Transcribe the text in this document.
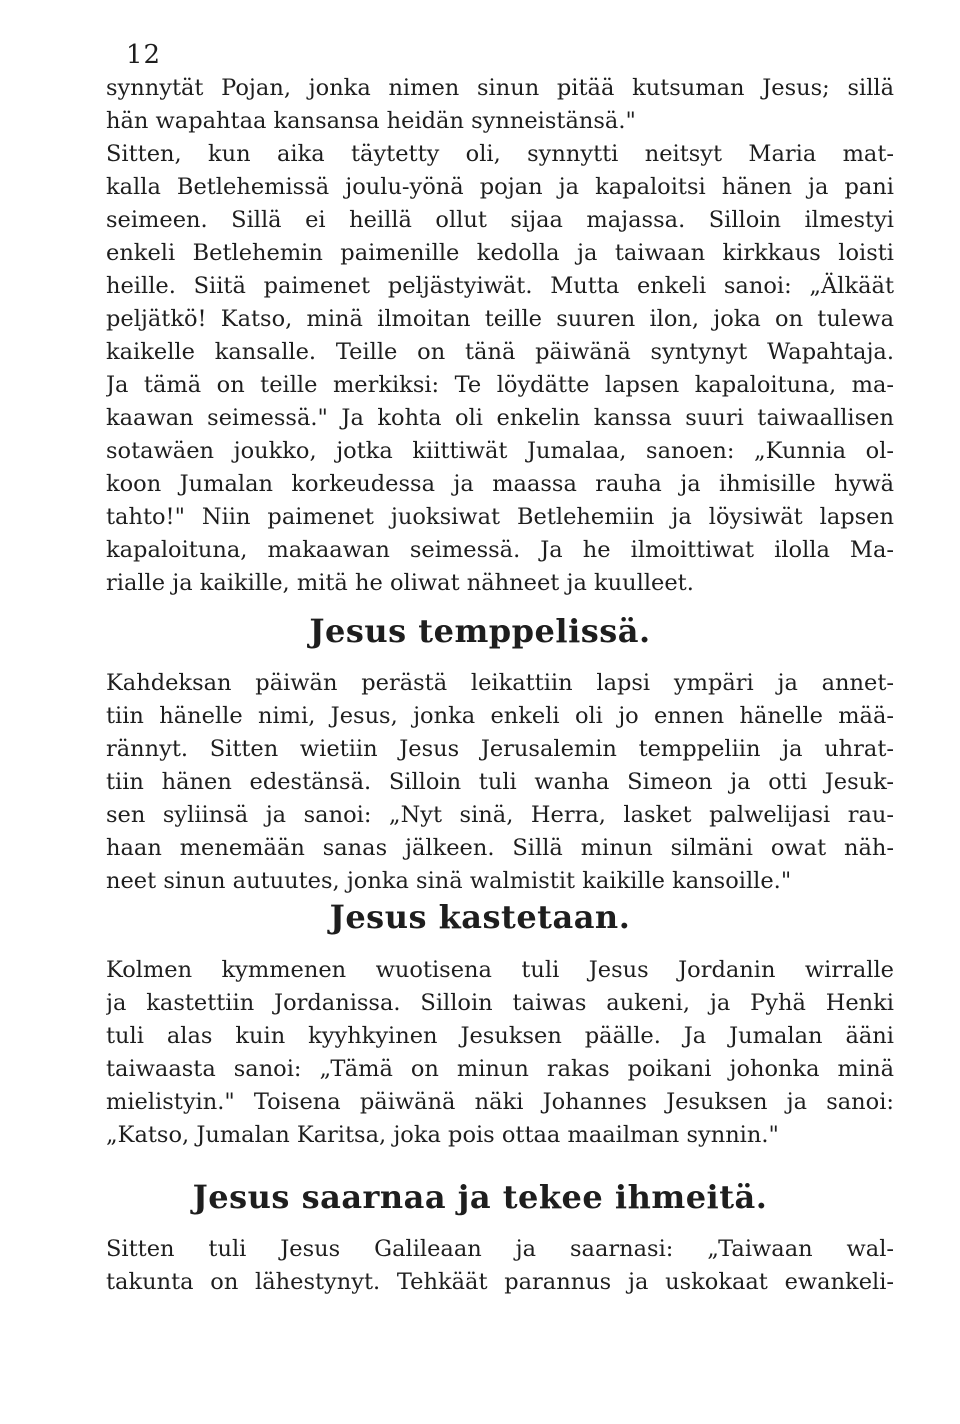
12
synnytät Pojan, jonka nimen sinun pitää kutsuman Jesus; sillä
hän wapahtaa kansansa heidän synneistänsä."
Sitten, kun aika täytetty oli, synnytti neitsyt Maria mat-
kalla Betlehemissä joulu-yönä pojan ja kapaloitsi hänen ja pani
seimeen. Sillä ei heillä ollut sijaa majassa. Silloin ilmestyi
enkeli Betlehemin paimenille kedolla ja taiwaan kirkkaus loisti
heille. Siitä paimenet peljästyiwät. Mutta enkeli sanoi: „Älkäät
peljätkö! Katso, minä ilmoitan teille suuren ilon, joka on tulewa
kaikelle kansalle. Teille on tänä päiwänä syntynyt Wapahtaja.
Ja tämä on teille merkiksi: Te löydätte lapsen kapaloituna, ma-
kaawan seimessä." Ja kohta oli enkelin kanssa suuri taiwaallisen
sotawäen joukko, jotka kiittiwät Jumalaa, sanoen: „Kunnia ol-
koon Jumalan korkeudessa ja maassa rauha ja ihmisille hywä
tahto!" Niin paimenet juoksiwat Betlehemiin ja löysiwät lapsen
kapaloituna, makaawan seimessä. Ja he ilmoittiwat ilolla Ma-
rialle ja kaikille, mitä he oliwat nähneet ja kuulleet.
Jesus temppelissä.
Kahdeksan päiwän perästä leikattiin lapsi ympäri ja annet-
tiin hänelle nimi, Jesus, jonka enkeli oli jo ennen hänelle mää-
rännyt. Sitten wietiin Jesus Jerusalemin temppeliin ja uhrat-
tiin hänen edestänsä. Silloin tuli wanha Simeon ja otti Jesuk-
sen syliinsä ja sanoi: „Nyt sinä, Herra, lasket palwelijasi rau-
haan menemään sanas jälkeen. Sillä minun silmäni owat näh-
neet sinun autuutes, jonka sinä walmistit kaikille kansoille."
Jesus kastetaan.
Kolmen kymmenen wuotisena tuli Jesus Jordanin wirralle
ja kastettiin Jordanissa. Silloin taiwas aukeni, ja Pyhä Henki
tuli alas kuin kyyhkyinen Jesuksen päälle. Ja Jumalan ääni
taiwaasta sanoi: „Tämä on minun rakas poikani johonka minä
mielistyin." Toisena päiwänä näki Johannes Jesuksen ja sanoi:
„Katso, Jumalan Karitsa, joka pois ottaa maailman synnin."
Jesus saarnaa ja tekee ihmeitä.
Sitten tuli Jesus Galileaan ja saarnasi: „Taiwaan wal-
takunta on lähestynyt. Tehkäät parannus ja uskokaat ewankeli-
